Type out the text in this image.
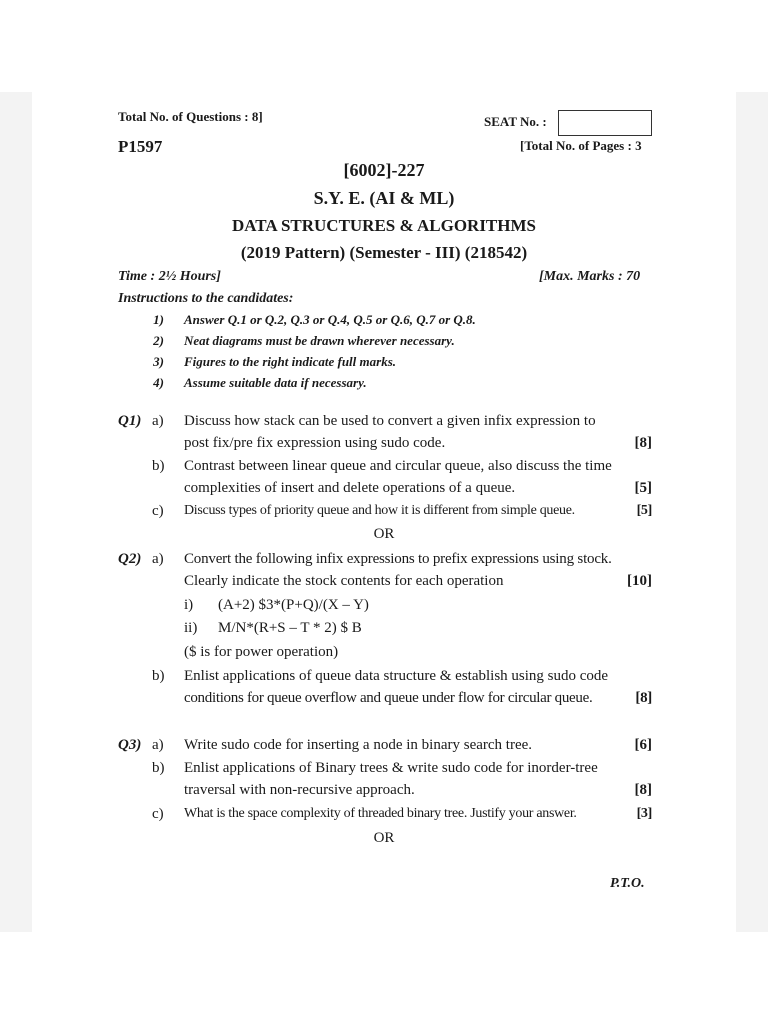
Total No. of Questions : 8]	SEAT No. :
P1597	[Total No. of Pages : 3
[6002]-227
S.Y. E. (AI & ML)
DATA STRUCTURES & ALGORITHMS
(2019 Pattern) (Semester - III) (218542)
Time : 2½ Hours]	[Max. Marks : 70
Instructions to the candidates:
1) Answer Q.1 or Q.2, Q.3 or Q.4, Q.5 or Q.6, Q.7 or Q.8.
2) Neat diagrams must be drawn wherever necessary.
3) Figures to the right indicate full marks.
4) Assume suitable data if necessary.
Q1) a) Discuss how stack can be used to convert a given infix expression to
post fix/pre fix expression using sudo code.	[8]
b) Contrast between linear queue and circular queue, also discuss the time
complexities of insert and delete operations of a queue.	[5]
c) Discuss types of priority queue and how it is different from simple queue.	[5]
OR
Q2) a) Convert the following infix expressions to prefix expressions using stock.
Clearly indicate the stock contents for each operation	[10]
i) (A+2) $3*(P+Q)/(X – Y)
ii) M/N*(R+S – T * 2) $ B
($ is for power operation)
b) Enlist applications of queue data structure & establish using sudo code
conditions for queue overflow and queue under flow for circular queue.	[8]
Q3) a) Write sudo code for inserting a node in binary search tree.	[6]
b) Enlist applications of Binary trees & write sudo code for inorder-tree
traversal with non-recursive approach.	[8]
c) What is the space complexity of threaded binary tree. Justify your answer.	[3]
OR
P.T.O.
